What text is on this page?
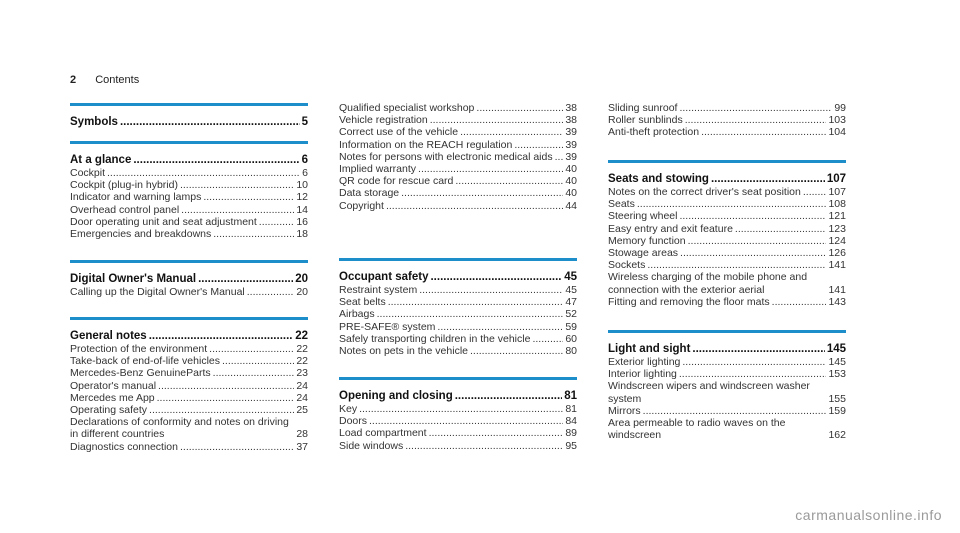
2 Contents
Symbols .....	5
At a glance .....	6
Cockpit .....	6
Cockpit (plug-in hybrid) .....	10
Indicator and warning lamps .....	12
Overhead control panel .....	14
Door operating unit and seat adjustment .....	16
Emergencies and breakdowns .....	18
Digital Owner's Manual .....	20
Calling up the Digital Owner's Manual .....	20
General notes .....	22
Protection of the environment .....	22
Take-back of end-of-life vehicles .....	22
Mercedes-Benz GenuineParts .....	23
Operator's manual .....	24
Mercedes me App .....	24
Operating safety .....	25
Declarations of conformity and notes on driving in different countries	28
Diagnostics connection .....	37
Qualified specialist workshop .....	38
Vehicle registration .....	38
Correct use of the vehicle .....	39
Information on the REACH regulation .....	39
Notes for persons with electronic medical aids ..... 39
Implied warranty .....	40
QR code for rescue card .....	40
Data storage .....	40
Copyright .....	44
Occupant safety .....	45
Restraint system .....	45
Seat belts .....	47
Airbags .....	52
PRE-SAFE® system .....	59
Safely transporting children in the vehicle .....	60
Notes on pets in the vehicle .....	80
Opening and closing .....	81
Key .....	81
Doors .....	84
Load compartment .....	89
Side windows .....	95
Sliding sunroof .....	99
Roller sunblinds .....	103
Anti-theft protection .....	104
Seats and stowing .....	107
Notes on the correct driver's seat position .....	107
Seats .....	108
Steering wheel .....	121
Easy entry and exit feature .....	123
Memory function .....	124
Stowage areas .....	126
Sockets .....	141
Wireless charging of the mobile phone and connection with the exterior aerial	141
Fitting and removing the floor mats .....	143
Light and sight .....	145
Exterior lighting .....	145
Interior lighting .....	153
Windscreen wipers and windscreen washer system	155
Mirrors .....	159
Area permeable to radio waves on the windscreen	162
carmanualsonline.info
